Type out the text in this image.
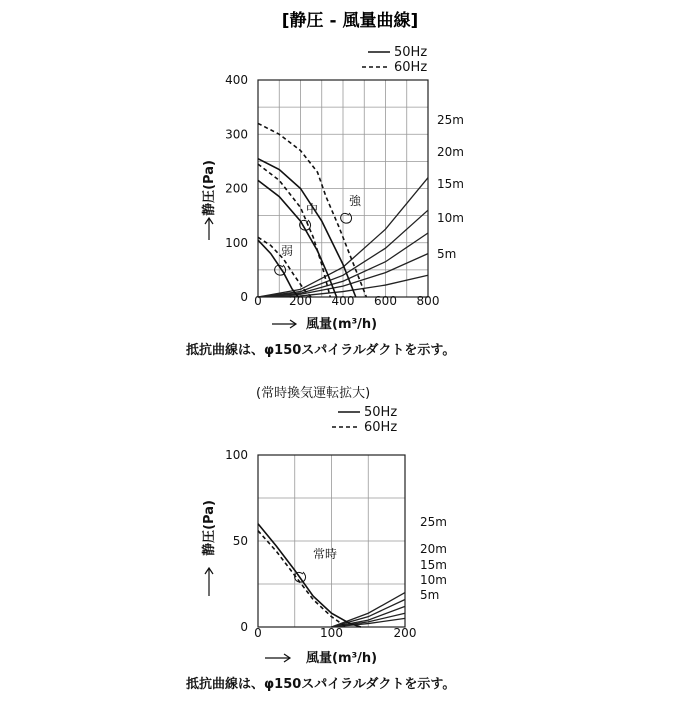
[静圧 - 風量曲線]
0
100
200
300
400
0 200 400 600 800
5m
10m
15m
20m
25m
強
中
弱
50Hz
60Hz
静圧(Pa)
風量(m³/h)
抵抗曲線は、φ150スパイラルダクトを示す。
(常時換気運転拡大)
0
50
100
0	100	200
5m
10m
15m
20m
25m
常時
50Hz
60Hz
静圧(Pa)
風量(m³/h)
抵抗曲線は、φ150スパイラルダクトを示す。
